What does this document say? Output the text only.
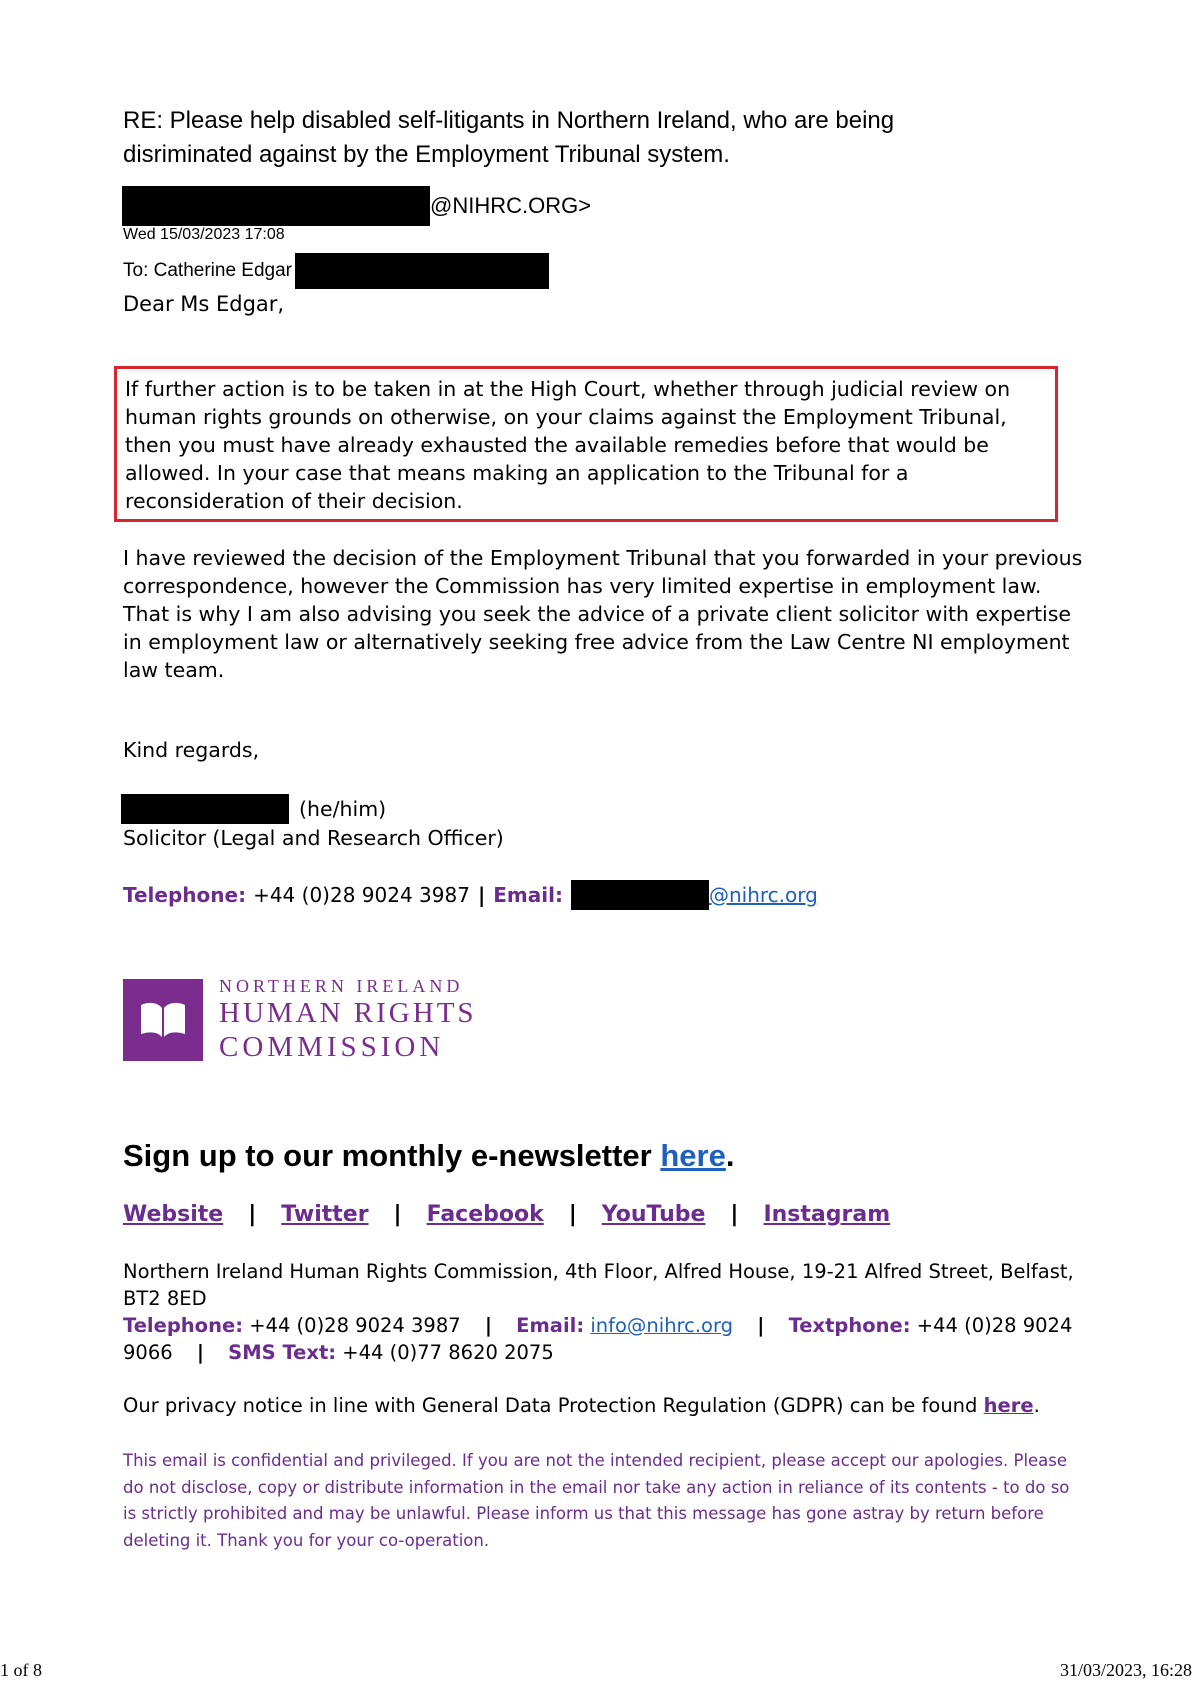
RE: Please help disabled self-litigants in Northern Ireland, who are being disriminated against by the Employment Tribunal system.
@NIHRC.ORG>
Wed 15/03/2023 17:08
To: Catherine Edgar
Dear Ms Edgar,
If further action is to be taken in at the High Court, whether through judicial review on human rights grounds on otherwise, on your claims against the Employment Tribunal, then you must have already exhausted the available remedies before that would be allowed. In your case that means making an application to the Tribunal for a reconsideration of their decision.
I have reviewed the decision of the Employment Tribunal that you forwarded in your previous correspondence, however the Commission has very limited expertise in employment law. That is why I am also advising you seek the advice of a private client solicitor with expertise in employment law or alternatively seeking free advice from the Law Centre NI employment law team.
Kind regards,
(he/him)
Solicitor (Legal and Research Officer)
Telephone: +44 (0)28 9024 3987 | Email:	@nihrc.org
NORTHERN IRELAND
HUMAN RIGHTS
COMMISSION
Sign up to our monthly e-newsletter here.
Website | Twitter | Facebook | YouTube | Instagram
Northern Ireland Human Rights Commission, 4th Floor, Alfred House, 19-21 Alfred Street, Belfast, BT2 8ED
Telephone: +44 (0)28 9024 3987 | Email: info@nihrc.org | Textphone: +44 (0)28 9024 9066 | SMS Text: +44 (0)77 8620 2075
Our privacy notice in line with General Data Protection Regulation (GDPR) can be found here.
This email is confidential and privileged. If you are not the intended recipient, please accept our apologies. Please do not disclose, copy or distribute information in the email nor take any action in reliance of its contents - to do so is strictly prohibited and may be unlawful. Please inform us that this message has gone astray by return before deleting it. Thank you for your co-operation.
1 of 8	31/03/2023, 16:28
